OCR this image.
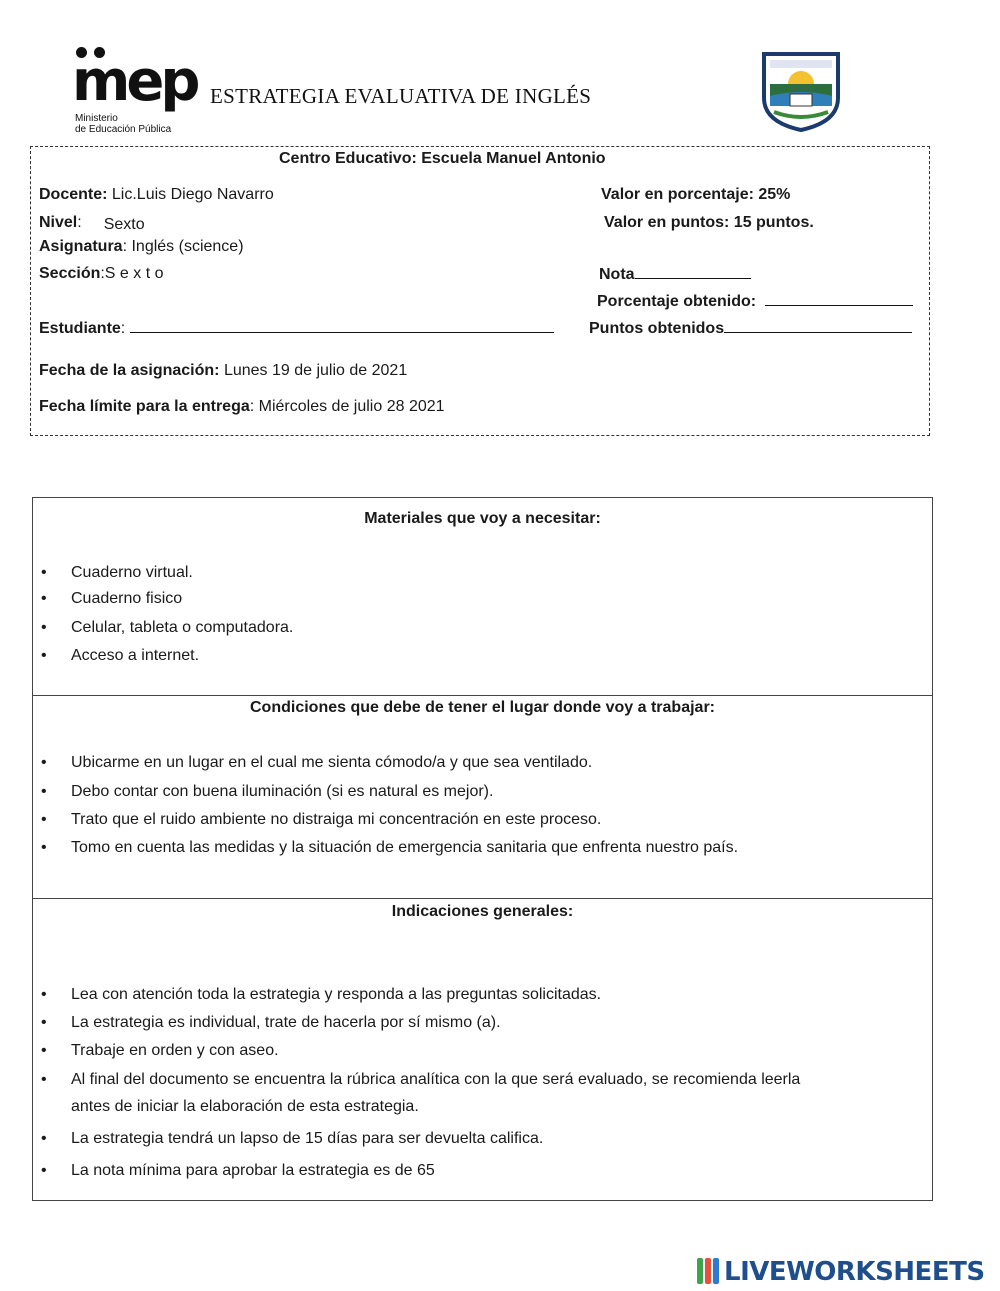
mep
Ministerio
de Educación Pública
ESTRATEGIA EVALUATIVA DE INGLÉS
Centro Educativo: Escuela Manuel Antonio
Docente: Lic.Luis Diego Navarro
Nivel: Sexto
Asignatura: Inglés (science)
Sección:S e x t o
Estudiante:
Valor en porcentaje: 25%
Valor en puntos: 15 puntos.
Nota
Porcentaje obtenido:
Puntos obtenidos
Fecha de la asignación: Lunes 19 de julio de 2021
Fecha límite para la entrega: Miércoles de julio 28 2021
Materiales que voy a necesitar:
• Cuaderno virtual.
• Cuaderno fisico
• Celular, tableta o computadora.
• Acceso a internet.
Condiciones que debe de tener el lugar donde voy a trabajar:
• Ubicarme en un lugar en el cual me sienta cómodo/a y que sea ventilado.
• Debo contar con buena iluminación (si es natural es mejor).
• Trato que el ruido ambiente no distraiga mi concentración en este proceso.
• Tomo en cuenta las medidas y la situación de emergencia sanitaria que enfrenta nuestro país.
Indicaciones generales:
• Lea con atención toda la estrategia y responda a las preguntas solicitadas.
• La estrategia es individual, trate de hacerla por sí mismo (a).
• Trabaje en orden y con aseo.
• Al final del documento se encuentra la rúbrica analítica con la que será evaluado, se recomienda leerla
antes de iniciar la elaboración de esta estrategia.
• La estrategia tendrá un lapso de 15 días para ser devuelta califica.
• La nota mínima para aprobar la estrategia es de 65
LIVEWORKSHEETS
